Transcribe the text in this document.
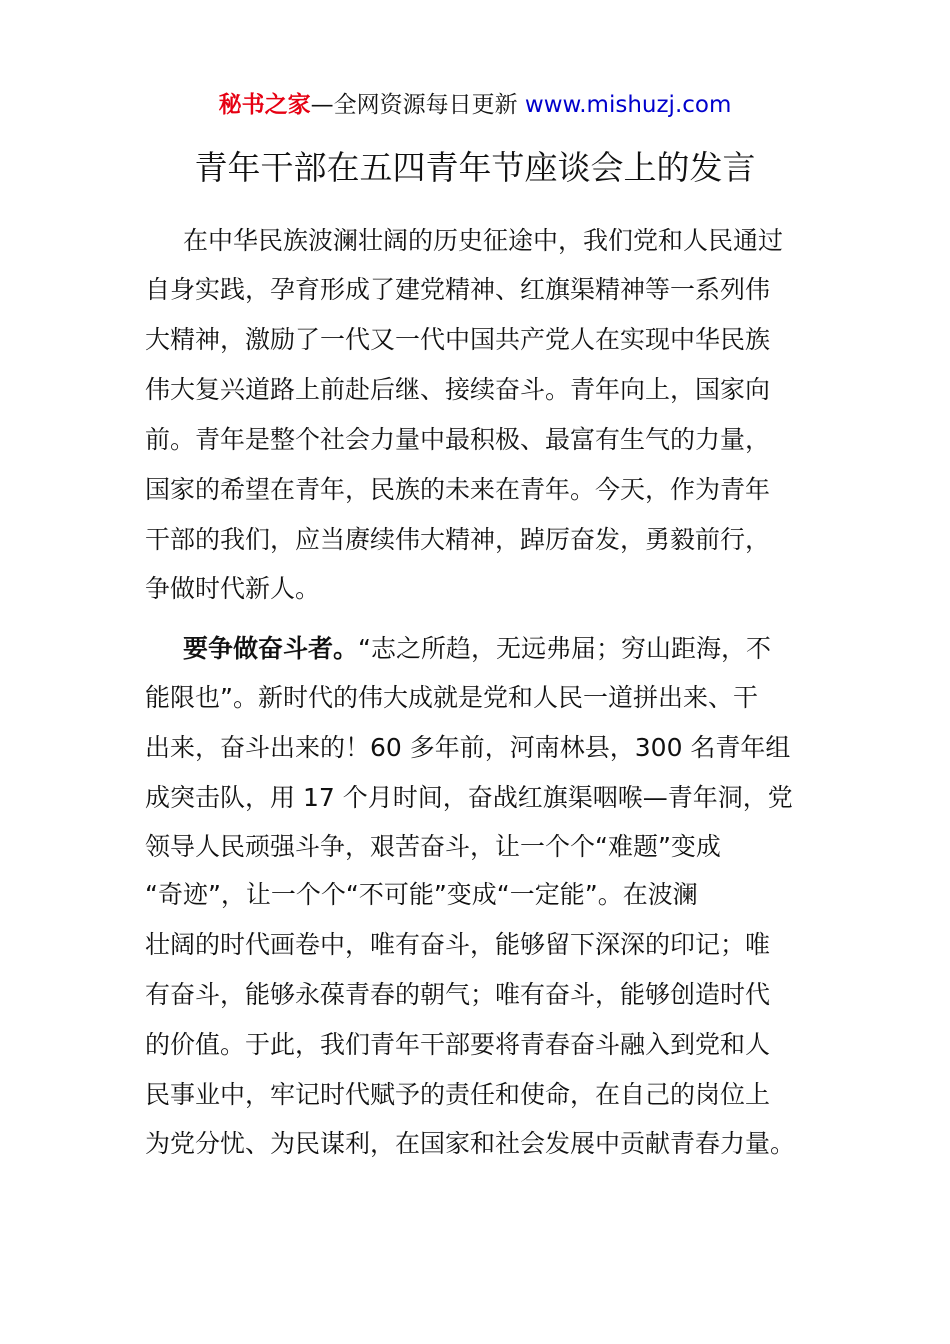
秘书之家—全网资源每日更新 www.mishuzj.com
青年干部在五四青年节座谈会上的发言
在中华民族波澜壮阔的历史征途中，我们党和人民通过
自身实践，孕育形成了建党精神、红旗渠精神等一系列伟
大精神，激励了一代又一代中国共产党人在实现中华民族
伟大复兴道路上前赴后继、接续奋斗。青年向上，国家向
前。青年是整个社会力量中最积极、最富有生气的力量，
国家的希望在青年，民族的未来在青年。今天，作为青年
干部的我们，应当赓续伟大精神，踔厉奋发，勇毅前行，
争做时代新人。
要争做奋斗者。“志之所趋，无远弗届；穷山距海，不
能限也”。新时代的伟大成就是党和人民一道拼出来、干
出来，奋斗出来的！60 多年前，河南林县，300 名青年组
成突击队，用 17 个月时间，奋战红旗渠咽喉—青年洞，党
领导人民顽强斗争，艰苦奋斗，让一个个“难题”变成
“奇迹”，让一个个“不可能”变成“一定能”。在波澜
壮阔的时代画卷中，唯有奋斗，能够留下深深的印记；唯
有奋斗，能够永葆青春的朝气；唯有奋斗，能够创造时代
的价值。于此，我们青年干部要将青春奋斗融入到党和人
民事业中，牢记时代赋予的责任和使命，在自己的岗位上
为党分忧、为民谋利，在国家和社会发展中贡献青春力量。
